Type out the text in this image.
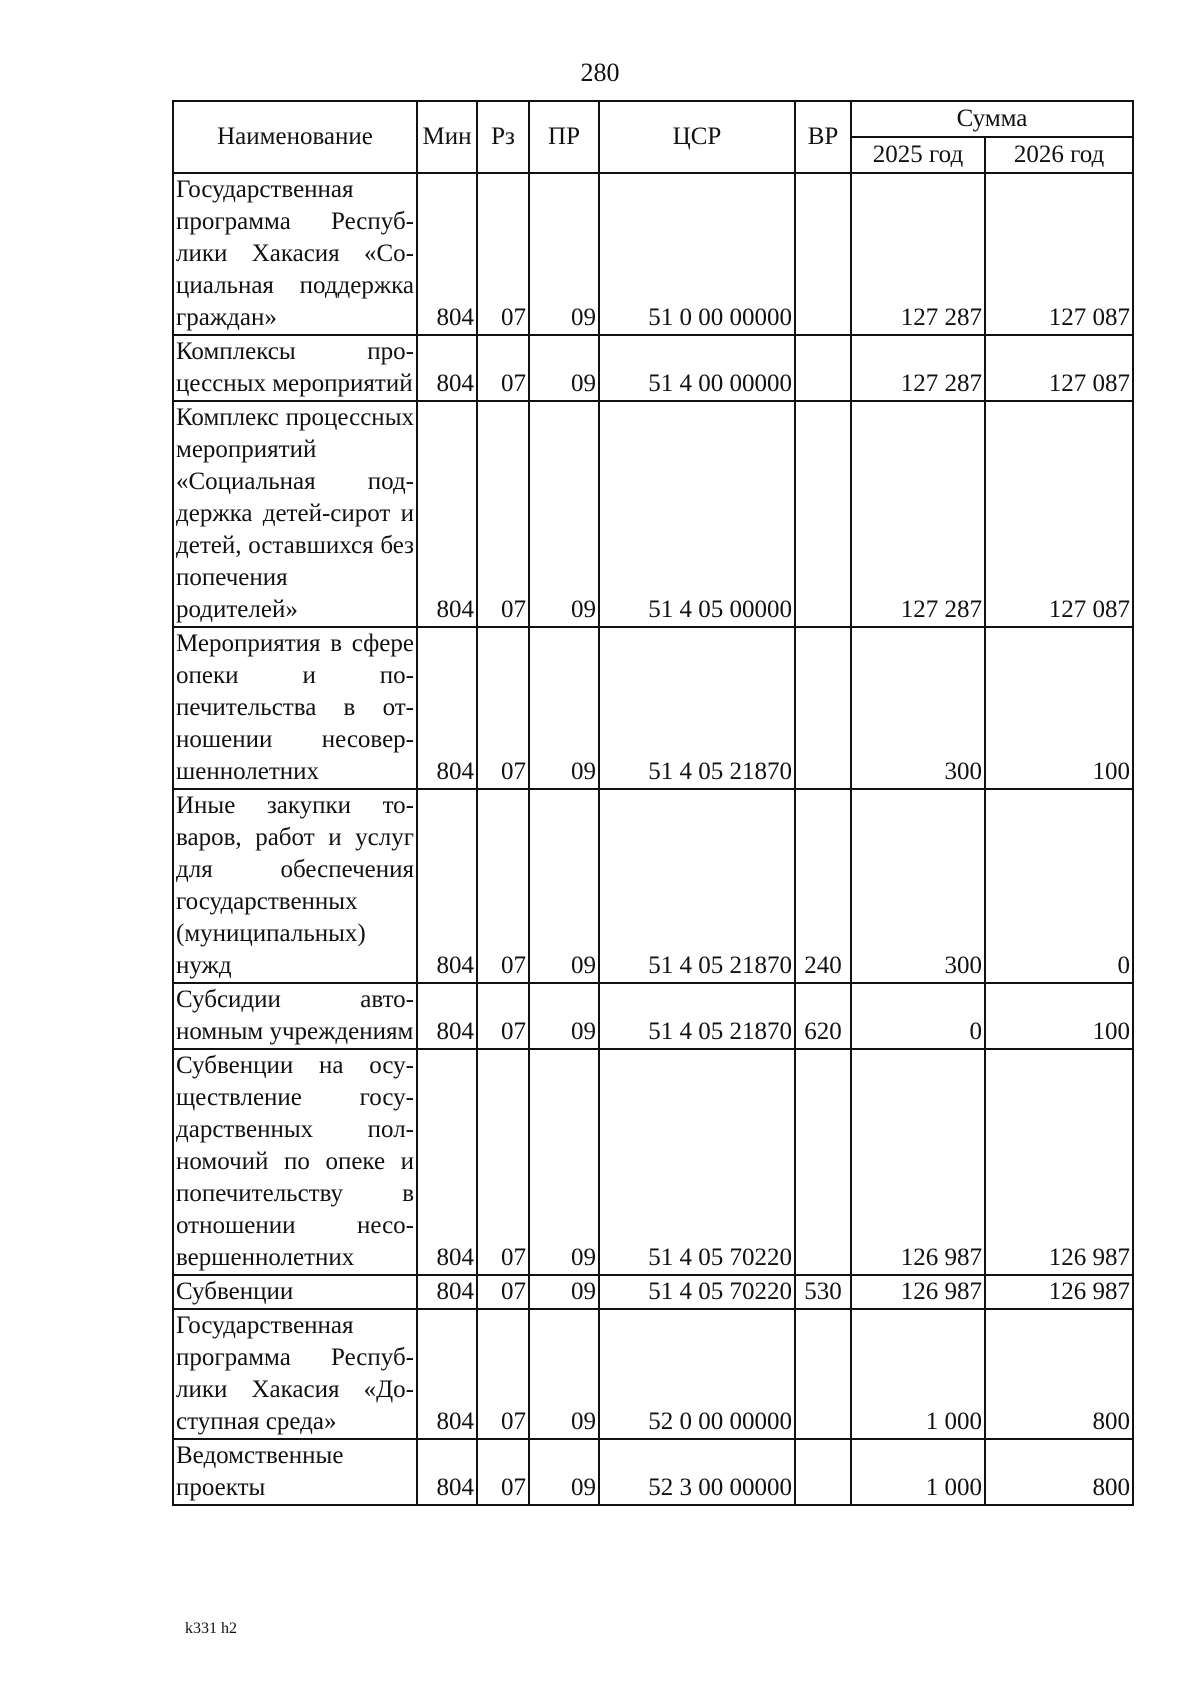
280
Наименование	Мин	Рз	ПР	ЦСР	ВР	Сумма	
						2025 год	2026 год
Государственная программа Республики Хакасия «Социальная поддержка граждан»	804	07	09	51 0 00 00000		127 287	127 087
Комплексы процессных мероприятий	804	07	09	51 4 00 00000		127 287	127 087
Комплекс процессных мероприятий «Социальная поддержка детей-сирот и детей, оставшихся без попечения родителей»	804	07	09	51 4 05 00000		127 287	127 087
Мероприятия в сфере опеки и попечительства в отношении несовершеннолетних	804	07	09	51 4 05 21870		300	100
Иные закупки товаров, работ и услуг для обеспечения государственных (муниципальных) нужд	804	07	09	51 4 05 21870	240	300	0
Субсидии автономным учреждениям	804	07	09	51 4 05 21870	620	0	100
Субвенции на осуществление государственных полномочий по опеке и попечительству в отношении несовершеннолетних	804	07	09	51 4 05 70220		126 987	126 987
Субвенции	804	07	09	51 4 05 70220	530	126 987	126 987
Государственная программа Республики Хакасия «Доступная среда»	804	07	09	52 0 00 00000		1 000	800
Ведомственные проекты	804	07	09	52 3 00 00000		1 000	800
k331 h2
